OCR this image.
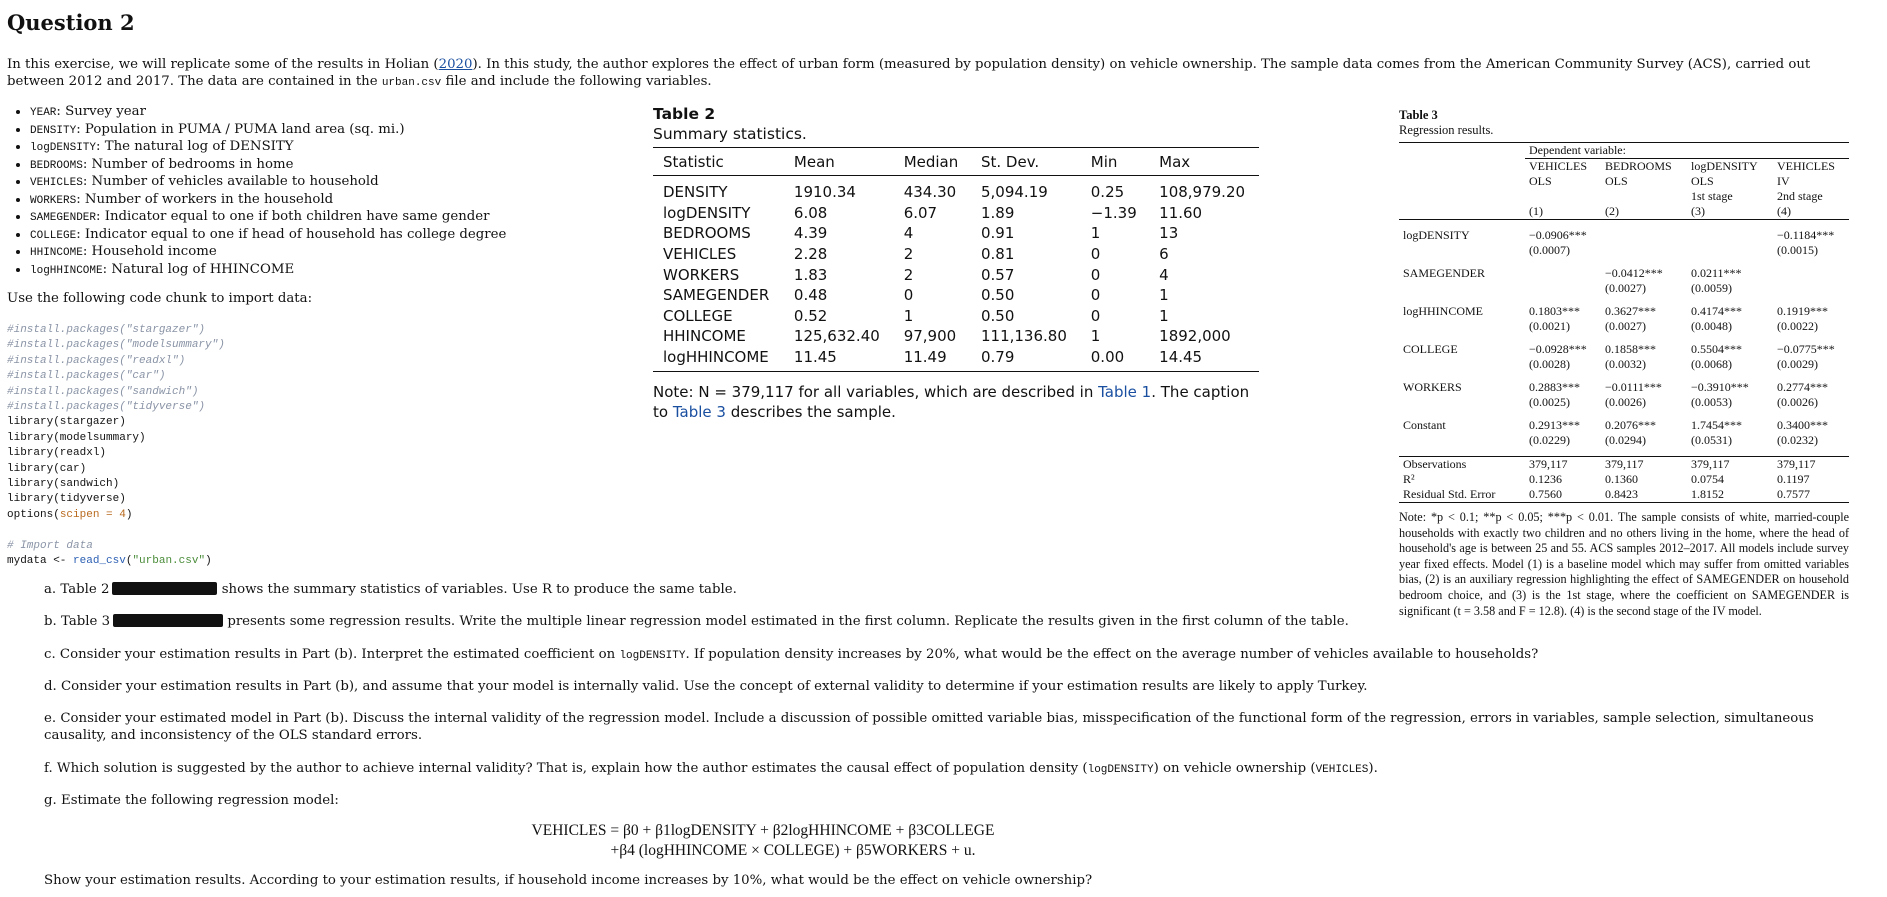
Question 2
In this exercise, we will replicate some of the results in Holian (2020). In this study, the author explores the effect of urban form (measured by population density) on vehicle ownership. The sample data comes from the American Community Survey (ACS), carried out between 2012 and 2017. The data are contained in the urban.csv file and include the following variables.
• YEAR: Survey year
• DENSITY: Population in PUMA / PUMA land area (sq. mi.)
• logDENSITY: The natural log of DENSITY
• BEDROOMS: Number of bedrooms in home
• VEHICLES: Number of vehicles available to household
• WORKERS: Number of workers in the household
• SAMEGENDER: Indicator equal to one if both children have same gender
• COLLEGE: Indicator equal to one if head of household has college degree
• HHINCOME: Household income
• logHHINCOME: Natural log of HHINCOME
Use the following code chunk to import data:
#install.packages("stargazer")
#install.packages("modelsummary")
#install.packages("readxl")
#install.packages("car")
#install.packages("sandwich")
#install.packages("tidyverse")
library(stargazer)
library(modelsummary)
library(readxl)
library(car)
library(sandwich)
library(tidyverse)
options(scipen = 4)

# Import data
mydata <- read_csv("urban.csv")
a. Table 2	shows the summary statistics of variables. Use R to produce the same table.
b. Table 3	presents some regression results. Write the multiple linear regression model estimated in the first column. Replicate the results given in the first column of the table.
c. Consider your estimation results in Part (b). Interpret the estimated coefficient on logDENSITY. If population density increases by 20%, what would be the effect on the average number of vehicles available to households?
d. Consider your estimation results in Part (b), and assume that your model is internally valid. Use the concept of external validity to determine if your estimation results are likely to apply Turkey.
e. Consider your estimated model in Part (b). Discuss the internal validity of the regression model. Include a discussion of possible omitted variable bias, misspecification of the functional form of the regression, errors in variables, sample selection, simultaneous causality, and inconsistency of the OLS standard errors.
f. Which solution is suggested by the author to achieve internal validity? That is, explain how the author estimates the causal effect of population density (logDENSITY) on vehicle ownership (VEHICLES).
g. Estimate the following regression model:
Show your estimation results. According to your estimation results, if household income increases by 10%, what would be the effect on vehicle ownership?
VEHICLES = β0 + β1logDENSITY + β2logHHINCOME + β3COLLEGE
+β4 (logHHINCOME × COLLEGE) + β5WORKERS + u.
Table 2
Summary statistics.
Statistic	Mean	Median	St. Dev.	Min	Max
DENSITY	1910.34	434.30	5,094.19	0.25	108,979.20
logDENSITY	6.08	6.07	1.89	−1.39	11.60
BEDROOMS	4.39	4	0.91	1	13
VEHICLES	2.28	2	0.81	0	6
WORKERS	1.83	2	0.57	0	4
SAMEGENDER	0.48	0	0.50	0	1
COLLEGE	0.52	1	0.50	0	1
HHINCOME	125,632.40	97,900	111,136.80	1	1892,000
logHHINCOME	11.45	11.49	0.79	0.00	14.45
Note: N = 379,117 for all variables, which are described in Table 1. The caption to Table 3 describes the sample.
Table 3
Regression results.
	Dependent variable:			
	VEHICLES	BEDROOMS	logDENSITY	VEHICLES
	OLS	OLS	OLS	IV
			1st stage	2nd stage
	(1)	(2)	(3)	(4)

logDENSITY	−0.0906***			−0.1184***
	(0.0007)			(0.0015)

SAMEGENDER		−0.0412***	0.0211***	
		(0.0027)	(0.0059)	

logHHINCOME	0.1803***	0.3627***	0.4174***	0.1919***
	(0.0021)	(0.0027)	(0.0048)	(0.0022)

COLLEGE	−0.0928***	0.1858***	0.5504***	−0.0775***
	(0.0028)	(0.0032)	(0.0068)	(0.0029)

WORKERS	0.2883***	−0.0111***	−0.3910***	0.2774***
	(0.0025)	(0.0026)	(0.0053)	(0.0026)

Constant	0.2913***	0.2076***	1.7454***	0.3400***
	(0.0229)	(0.0294)	(0.0531)	(0.0232)

Observations	379,117	379,117	379,117	379,117
R²	0.1236	0.1360	0.0754	0.1197
Residual Std. Error	0.7560	0.8423	1.8152	0.7577
Note: *p < 0.1; **p < 0.05; ***p < 0.01. The sample consists of white, married-couple households with exactly two children and no others living in the home, where the head of household's age is between 25 and 55. ACS samples 2012–2017. All models include survey year fixed effects. Model (1) is a baseline model which may suffer from omitted variables bias, (2) is an auxiliary regression highlighting the effect of SAMEGENDER on household bedroom choice, and (3) is the 1st stage, where the coefficient on SAMEGENDER is significant (t = 3.58 and F = 12.8). (4) is the second stage of the IV model.
